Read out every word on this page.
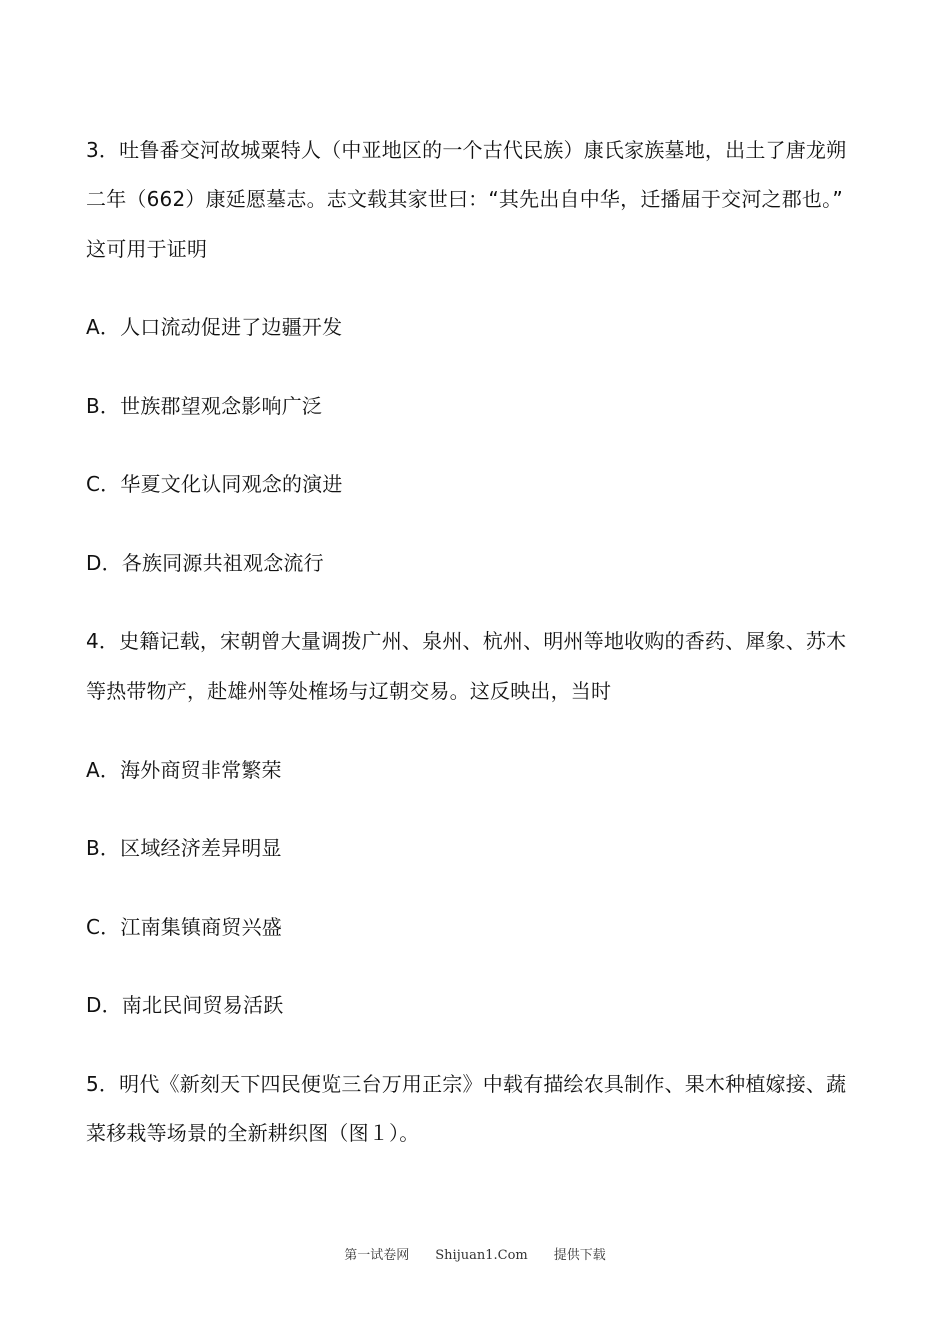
3．吐鲁番交河故城粟特人（中亚地区的一个古代民族）康氏家族墓地，出土了唐龙朔
二年（662）康延愿墓志。志文载其家世曰：“其先出自中华，迁播届于交河之郡也。”
这可用于证明
A．人口流动促进了边疆开发
B．世族郡望观念影响广泛
C．华夏文化认同观念的演进
D．各族同源共祖观念流行
4．史籍记载，宋朝曾大量调拨广州、泉州、杭州、明州等地收购的香药、犀象、苏木
等热带物产，赴雄州等处榷场与辽朝交易。这反映出，当时
A．海外商贸非常繁荣
B．区域经济差异明显
C．江南集镇商贸兴盛
D．南北民间贸易活跃
5．明代《新刻天下四民便览三台万用正宗》中载有描绘农具制作、果木种植嫁接、蔬
菜移栽等场景的全新耕织图（图１）。
第一试卷网 Shijuan1.Com 提供下载
